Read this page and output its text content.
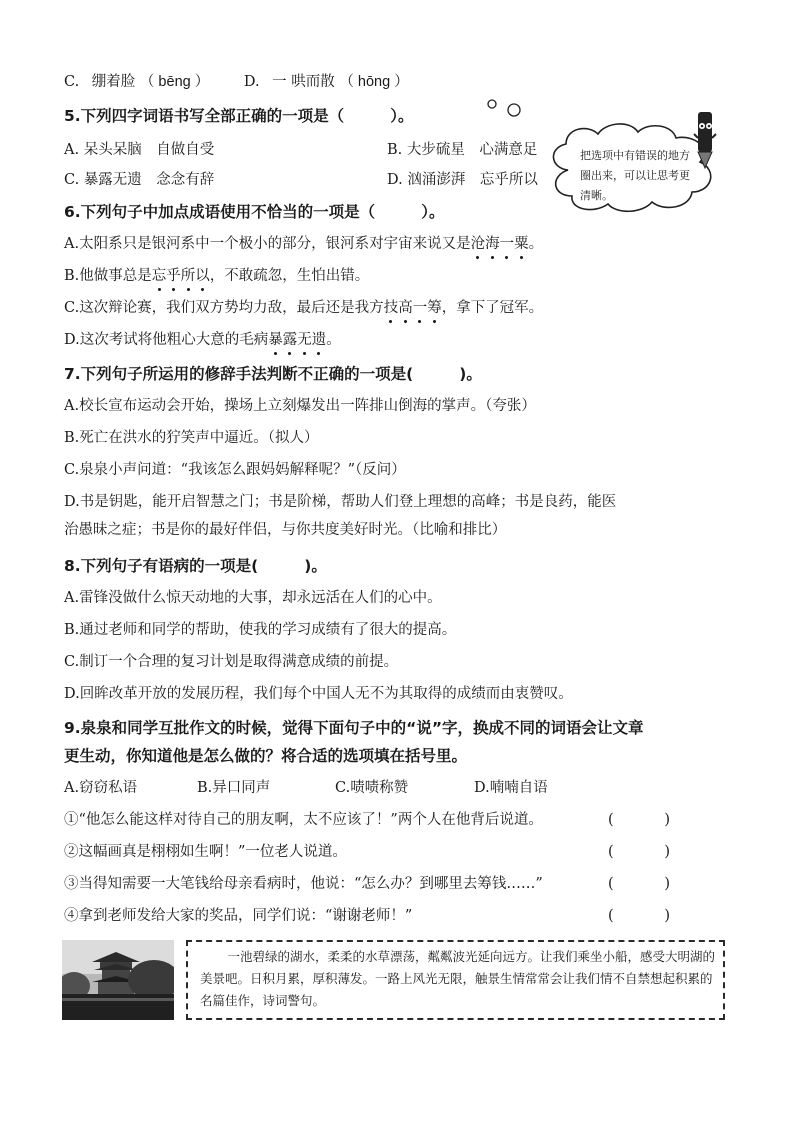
C. 绷着脸 （ bēng ） D. 一 哄而散 （ hōng ）
5.下列四字词语书写全部正确的一项是（	）。
A. 呆头呆脑　自做自受	B. 大步硫星　心满意足
C. 暴露无遗　念念有辞	D. 汹涌澎湃　忘乎所以
把选项中有错误的地方圈出来，可以让思考更清晰。
6.下列句子中加点成语使用不恰当的一项是（	）。
A.太阳系只是银河系中一个极小的部分，银河系对宇宙来说又是沧海一粟。
B.他做事总是忘乎所以，不敢疏忽，生怕出错。
C.这次辩论赛，我们双方势均力敌，最后还是我方技高一筹，拿下了冠军。
D.这次考试将他粗心大意的毛病暴露无遗。
7.下列句子所运用的修辞手法判断不正确的一项是(	)。
A.校长宣布运动会开始，操场上立刻爆发出一阵排山倒海的掌声。（夸张）
B.死亡在洪水的狞笑声中逼近。（拟人）
C.泉泉小声问道：“我该怎么跟妈妈解释呢？”（反问）
D.书是钥匙，能开启智慧之门；书是阶梯，帮助人们登上理想的高峰；书是良药，能医
治愚昧之症；书是你的最好伴侣，与你共度美好时光。（比喻和排比）
8.下列句子有语病的一项是(	)。
A.雷锋没做什么惊天动地的大事，却永远活在人们的心中。
B.通过老师和同学的帮助，使我的学习成绩有了很大的提高。
C.制订一个合理的复习计划是取得满意成绩的前提。
D.回眸改革开放的发展历程，我们每个中国人无不为其取得的成绩而由衷赞叹。
9.泉泉和同学互批作文的时候，觉得下面句子中的“说”字，换成不同的词语会让文章
更生动，你知道他是怎么做的？将合适的选项填在括号里。
A.窃窃私语	B.异口同声	C.啧啧称赞	D.喃喃自语
①“他怎么能这样对待自己的朋友啊，太不应该了！”两个人在他背后说道。	(           )
②这幅画真是栩栩如生啊！”一位老人说道。	(           )
③当得知需要一大笔钱给母亲看病时，他说：“怎么办？到哪里去筹钱……”	(           )
④拿到老师发给大家的奖品，同学们说：“谢谢老师！”	(           )
一池碧绿的湖水，柔柔的水草漂荡，粼粼波光延向远方。让我们乘坐小船，感受大明湖的美景吧。日积月累，厚积薄发。一路上风光无限，触景生情常常会让我们情不自禁想起积累的名篇佳作，诗词警句。
